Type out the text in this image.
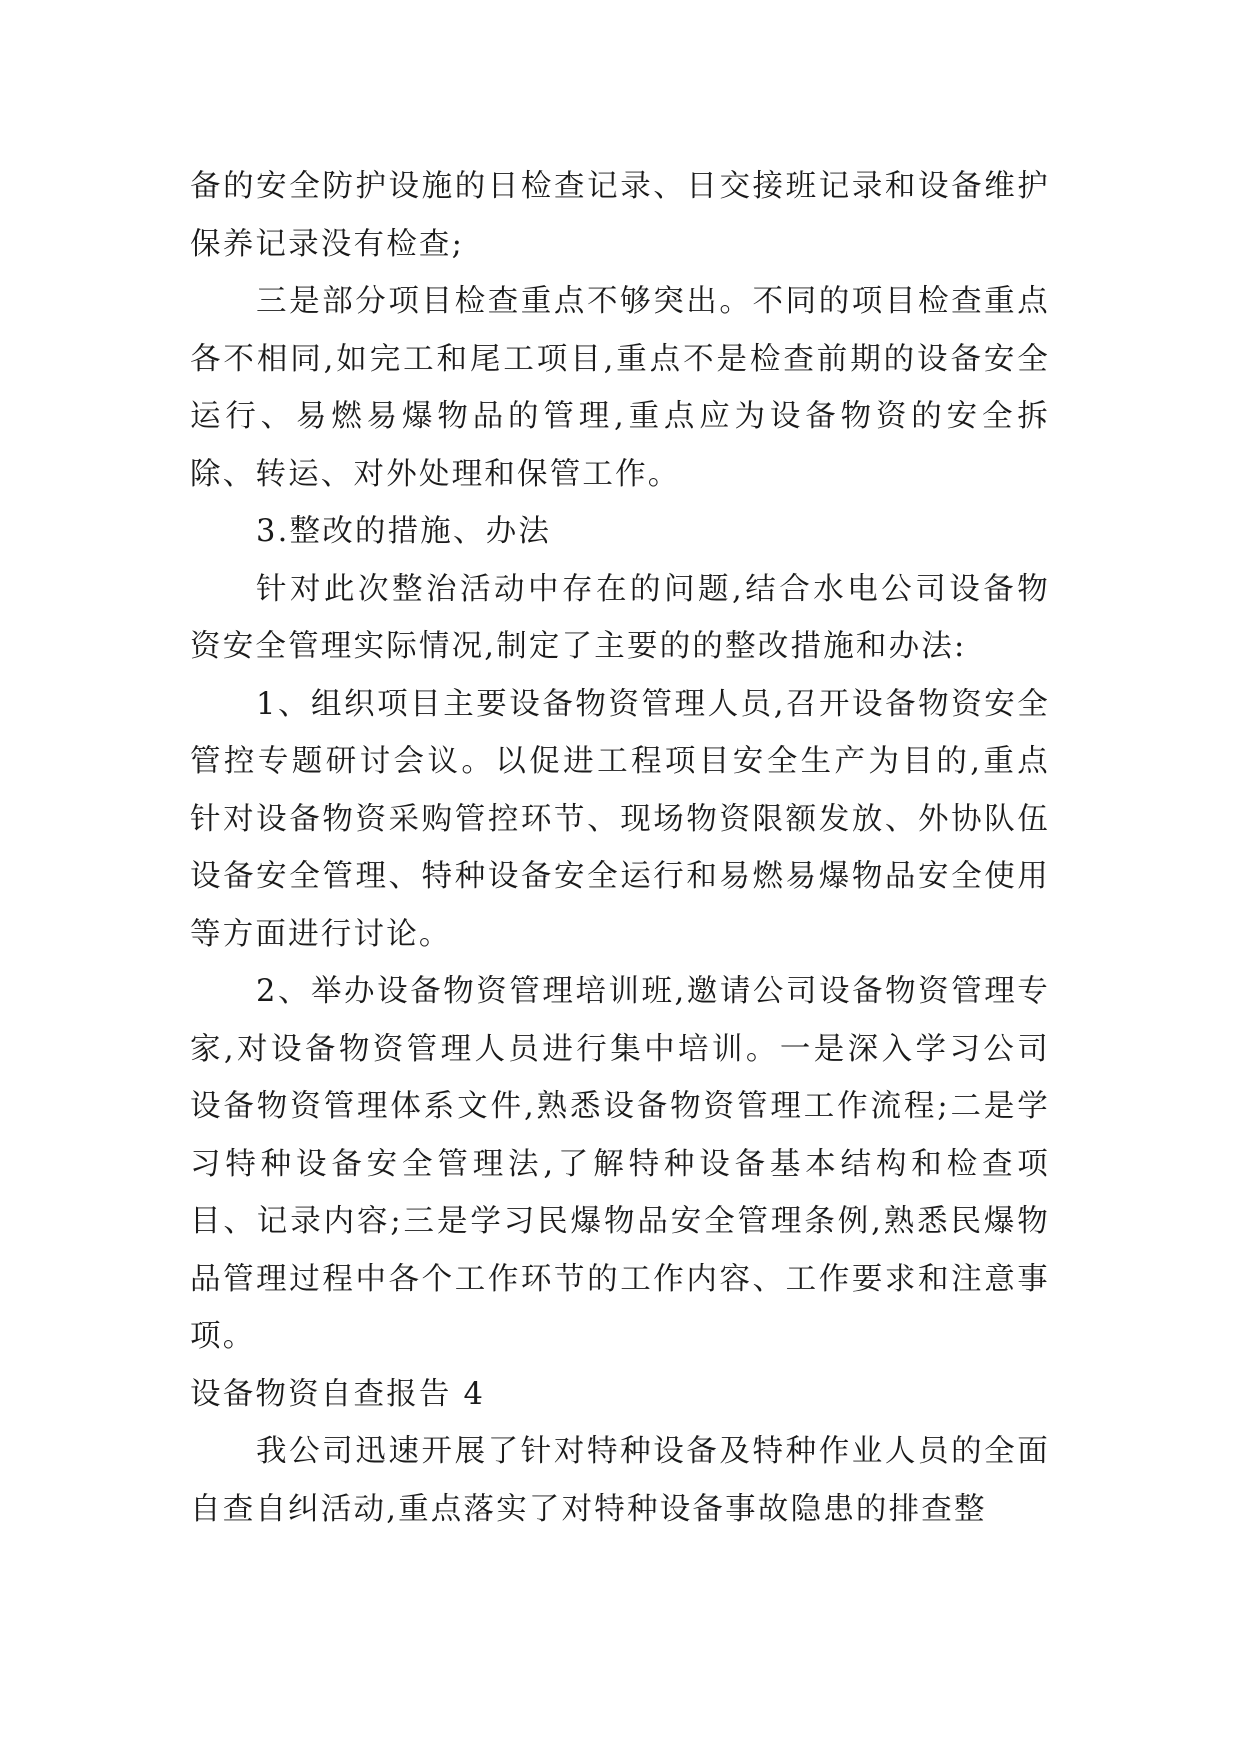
备的安全防护设施的日检查记录、日交接班记录和设备维护保养记录没有检查;

三是部分项目检查重点不够突出。不同的项目检查重点各不相同,如完工和尾工项目,重点不是检查前期的设备安全运行、易燃易爆物品的管理,重点应为设备物资的安全拆除、转运、对外处理和保管工作。

3.整改的措施、办法

针对此次整治活动中存在的问题,结合水电公司设备物资安全管理实际情况,制定了主要的的整改措施和办法:

1、组织项目主要设备物资管理人员,召开设备物资安全管控专题研讨会议。以促进工程项目安全生产为目的,重点针对设备物资采购管控环节、现场物资限额发放、外协队伍设备安全管理、特种设备安全运行和易燃易爆物品安全使用等方面进行讨论。

2、举办设备物资管理培训班,邀请公司设备物资管理专家,对设备物资管理人员进行集中培训。一是深入学习公司设备物资管理体系文件,熟悉设备物资管理工作流程;二是学习特种设备安全管理法,了解特种设备基本结构和检查项目、记录内容;三是学习民爆物品安全管理条例,熟悉民爆物品管理过程中各个工作环节的工作内容、工作要求和注意事项。

设备物资自查报告 4

我公司迅速开展了针对特种设备及特种作业人员的全面自查自纠活动,重点落实了对特种设备事故隐患的排查整
